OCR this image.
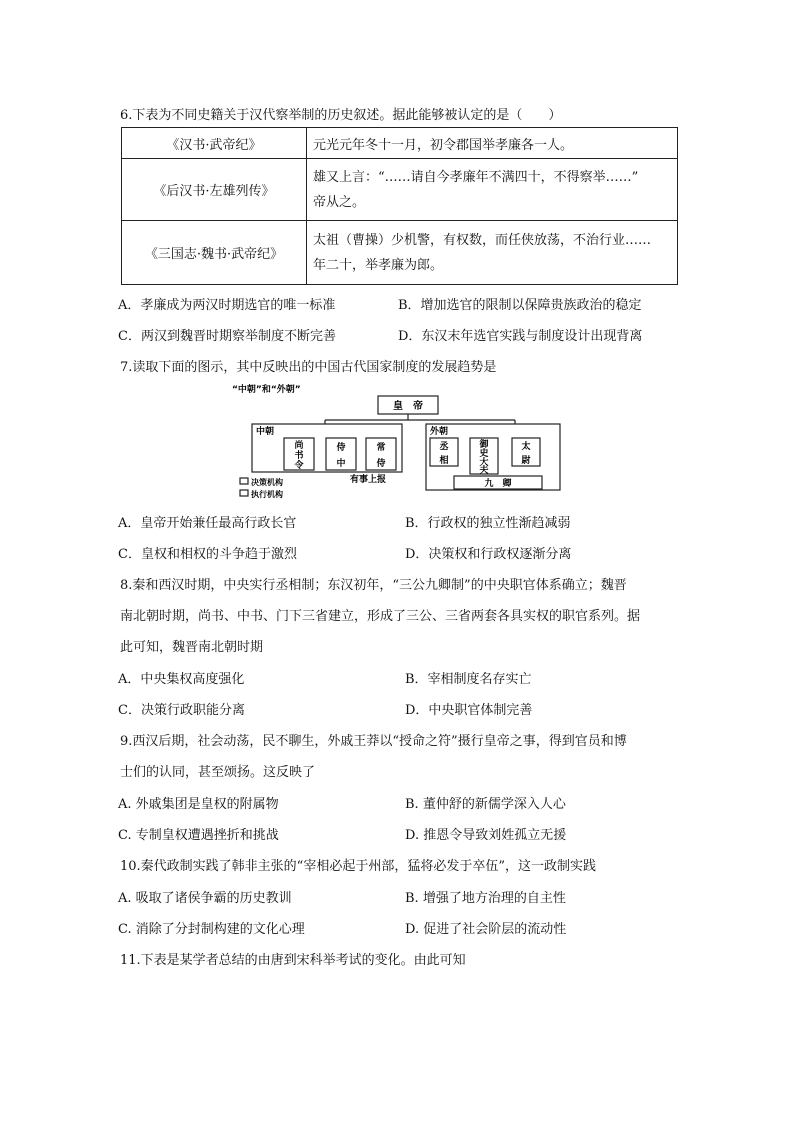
6.下表为不同史籍关于汉代察举制的历史叙述。据此能够被认定的是（　　）
《汉书·武帝纪》	元光元年冬十一月，初令郡国举孝廉各一人。
《后汉书·左雄列传》	雄又上言：“……请自今孝廉年不满四十，不得察举……”
帝从之。
《三国志·魏书·武帝纪》	太祖（曹操）少机警，有权数，而任侠放荡，不治行业……
年二十，举孝廉为郎。
A．孝廉成为两汉时期选官的唯一标准	B．增加选官的限制以保障贵族政治的稳定
C．两汉到魏晋时期察举制度不断完善	D．东汉末年选官实践与制度设计出现背离
7.读取下面的图示，其中反映出的中国古代国家制度的发展趋势是
“中朝”和“外朝”
皇　帝
中朝	外朝
尚
书
令
侍
中
常
侍
丞
相
御
史
大
夫
太
尉
九　卿
有事上报
决策机构
执行机构
A．皇帝开始兼任最高行政长官	B．行政权的独立性渐趋减弱
C．皇权和相权的斗争趋于激烈	D．决策权和行政权逐渐分离
8.秦和西汉时期，中央实行丞相制；东汉初年，“三公九卿制”的中央职官体系确立；魏晋
南北朝时期，尚书、中书、门下三省建立，形成了三公、三省两套各具实权的职官系列。据
此可知，魏晋南北朝时期
A．中央集权高度强化	B．宰相制度名存实亡
C．决策行政职能分离	D．中央职官体制完善
9.西汉后期，社会动荡，民不聊生，外戚王莽以“授命之符”摄行皇帝之事，得到官员和博
士们的认同，甚至颂扬。这反映了
A. 外戚集团是皇权的附属物	B. 董仲舒的新儒学深入人心
C. 专制皇权遭遇挫折和挑战	D. 推恩令导致刘姓孤立无援
10.秦代政制实践了韩非主张的“宰相必起于州部，猛将必发于卒伍”，这一政制实践
A. 吸取了诸侯争霸的历史教训	B. 增强了地方治理的自主性
C. 消除了分封制构建的文化心理	D. 促进了社会阶层的流动性
11.下表是某学者总结的由唐到宋科举考试的变化。由此可知
